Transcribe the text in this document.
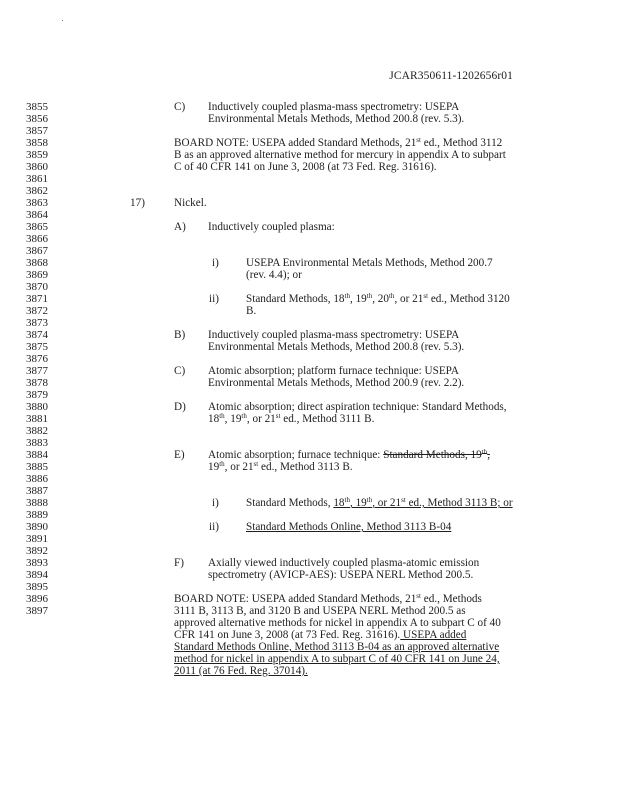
JCAR350611-1202656r01
3855
3856
3857
3858
3859
3860
3861
3862
3863
3864
3865
3866
3867
3868
3869
3870
3871
3872
3873
3874
3875
3876
3877
3878
3879
3880
3881
3882
3883
3884
3885
3886
3887
3888
3889
3890
3891
3892
3893
3894
3895
3896
3897
C) Inductively coupled plasma-mass spectrometry: USEPA
Environmental Metals Methods, Method 200.8 (rev. 5.3).
BOARD NOTE: USEPA added Standard Methods, 21st ed., Method 3112
B as an approved alternative method for mercury in appendix A to subpart
C of 40 CFR 141 on June 3, 2008 (at 73 Fed. Reg. 31616).
17)	Nickel.
A) Inductively coupled plasma:
i) USEPA Environmental Metals Methods, Method 200.7
(rev. 4.4); or
ii) Standard Methods, 18th, 19th, 20th, or 21st ed., Method 3120
B.
B) Inductively coupled plasma-mass spectrometry: USEPA
Environmental Metals Methods, Method 200.8 (rev. 5.3).
C) Atomic absorption; platform furnace technique: USEPA
Environmental Metals Methods, Method 200.9 (rev. 2.2).
D) Atomic absorption; direct aspiration technique: Standard Methods,
18th, 19th, or 21st ed., Method 3111 B.
E) Atomic absorption; furnace technique: Standard Methods, 19th,
19th, or 21st ed., Method 3113 B.
i) Standard Methods, 18th, 19th, or 21st ed., Method 3113 B; or
ii) Standard Methods Online, Method 3113 B-04
F) Axially viewed inductively coupled plasma-atomic emission
spectrometry (AVICP-AES): USEPA NERL Method 200.5.
BOARD NOTE: USEPA added Standard Methods, 21st ed., Methods
3111 B, 3113 B, and 3120 B and USEPA NERL Method 200.5 as
approved alternative methods for nickel in appendix A to subpart C of 40
CFR 141 on June 3, 2008 (at 73 Fed. Reg. 31616). USEPA added
Standard Methods Online, Method 3113 B-04 as an approved alternative
method for nickel in appendix A to subpart C of 40 CFR 141 on June 24,
2011 (at 76 Fed. Reg. 37014).
